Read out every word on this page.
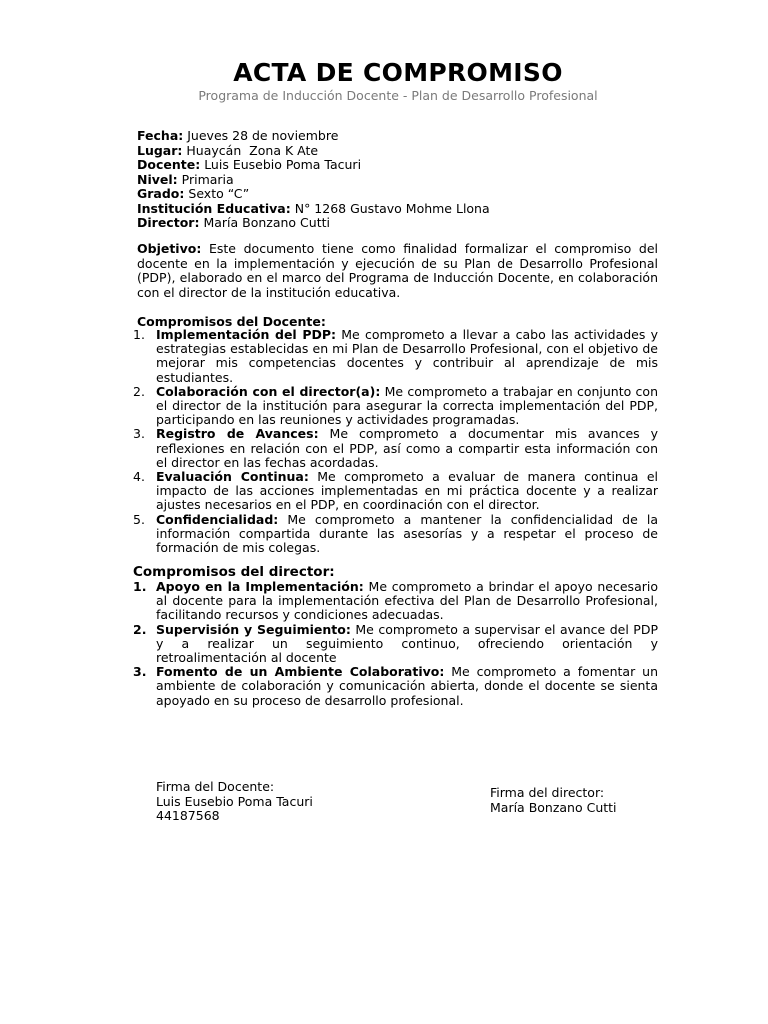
ACTA DE COMPROMISO
Programa de Inducción Docente - Plan de Desarrollo Profesional
Fecha: Jueves 28 de noviembre
Lugar: Huaycán  Zona K Ate
Docente: Luis Eusebio Poma Tacuri
Nivel: Primaria
Grado: Sexto “C”
Institución Educativa: N° 1268 Gustavo Mohme Llona
Director: María Bonzano Cutti
Objetivo: Este documento tiene como finalidad formalizar el compromiso del docente en la implementación y ejecución de su Plan de Desarrollo Profesional (PDP), elaborado en el marco del Programa de Inducción Docente, en colaboración con el director de la institución educativa.
Compromisos del Docente:
1. Implementación del PDP: Me comprometo a llevar a cabo las actividades y estrategias establecidas en mi Plan de Desarrollo Profesional, con el objetivo de mejorar mis competencias docentes y contribuir al aprendizaje de mis estudiantes.
2. Colaboración con el director(a): Me comprometo a trabajar en conjunto con el director de la institución para asegurar la correcta implementación del PDP, participando en las reuniones y actividades programadas.
3. Registro de Avances: Me comprometo a documentar mis avances y reflexiones en relación con el PDP, así como a compartir esta información con el director en las fechas acordadas.
4. Evaluación Continua: Me comprometo a evaluar de manera continua el impacto de las acciones implementadas en mi práctica docente y a realizar ajustes necesarios en el PDP, en coordinación con el director.
5. Confidencialidad: Me comprometo a mantener la confidencialidad de la información compartida durante las asesorías y a respetar el proceso de formación de mis colegas.
Compromisos del director:
1. Apoyo en la Implementación: Me comprometo a brindar el apoyo necesario al docente para la implementación efectiva del Plan de Desarrollo Profesional, facilitando recursos y condiciones adecuadas.
2. Supervisión y Seguimiento: Me comprometo a supervisar el avance del PDP y a realizar un seguimiento continuo, ofreciendo orientación y retroalimentación al docente
3. Fomento de un Ambiente Colaborativo: Me comprometo a fomentar un ambiente de colaboración y comunicación abierta, donde el docente se sienta apoyado en su proceso de desarrollo profesional.
Firma del Docente:
Luis Eusebio Poma Tacuri
44187568
Firma del director:
María Bonzano Cutti
